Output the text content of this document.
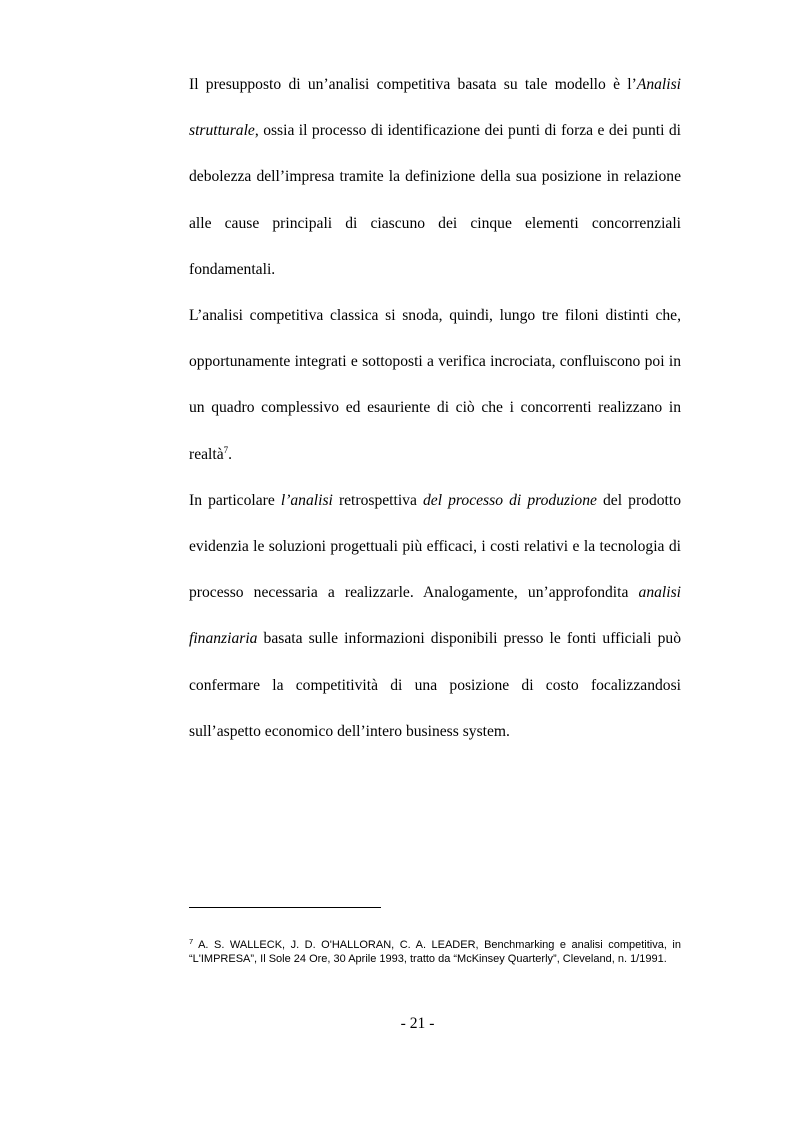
Il presupposto di un’analisi competitiva basata su tale modello è l’Analisi strutturale, ossia il processo di identificazione dei punti di forza e dei punti di debolezza dell’impresa tramite la definizione della sua posizione in relazione alle cause principali di ciascuno dei cinque elementi concorrenziali fondamentali.

L’analisi competitiva classica si snoda, quindi, lungo tre filoni distinti che, opportunamente integrati e sottoposti a verifica incrociata, confluiscono poi in un quadro complessivo ed esauriente di ciò che i concorrenti realizzano in realtà$^7$.

In particolare l’analisi retrospettiva del processo di produzione del prodotto evidenzia le soluzioni progettuali più efficaci, i costi relativi e la tecnologia di processo necessaria a realizzarle. Analogamente, un’approfondita analisi finanziaria basata sulle informazioni disponibili presso le fonti ufficiali può confermare la competitività di una posizione di costo focalizzandosi sull’aspetto economico dell’intero business system.

$^7$ A. S. WALLECK, J. D. O'HALLORAN, C. A. LEADER, Benchmarking e analisi competitiva, in “L'IMPRESA”, Il Sole 24 Ore, 30 Aprile 1993, tratto da “McKinsey Quarterly”, Cleveland, n. 1/1991.
- 21 -
